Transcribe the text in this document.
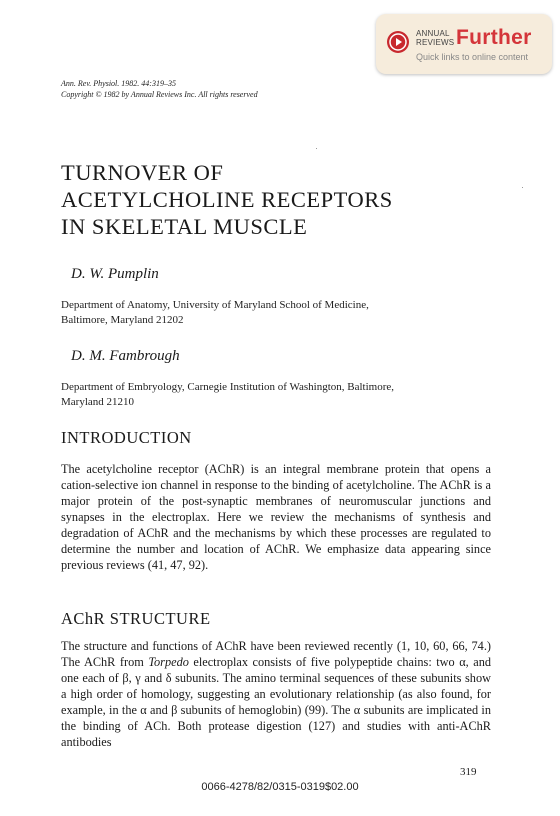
ANNUAL
REVIEWS Further
Quick links to online content
Ann. Rev. Physiol. 1982. 44:319–35
Copyright © 1982 by Annual Reviews Inc. All rights reserved
TURNOVER OF
ACETYLCHOLINE RECEPTORS
IN SKELETAL MUSCLE
D. W. Pumplin
Department of Anatomy, University of Maryland School of Medicine,
Baltimore, Maryland 21202
D. M. Fambrough
Department of Embryology, Carnegie Institution of Washington, Baltimore,
Maryland 21210
INTRODUCTION

The acetylcholine receptor (AChR) is an integral membrane protein that opens a cation-selective ion channel in response to the binding of acetylcholine. The AChR is a major protein of the post-synaptic membranes of neuromuscular junctions and synapses in the electroplax. Here we review the mechanisms of synthesis and degradation of AChR and the mechanisms by which these processes are regulated to determine the number and location of AChR. We emphasize data appearing since previous reviews (41, 47, 92).

AChR STRUCTURE

The structure and functions of AChR have been reviewed recently (1, 10, 60, 66, 74.) The AChR from Torpedo electroplax consists of five polypeptide chains: two α, and one each of β, γ and δ subunits. The amino terminal sequences of these subunits show a high order of homology, suggesting an evolutionary relationship (as also found, for example, in the α and β subunits of hemoglobin) (99). The α subunits are implicated in the binding of ACh. Both protease digestion (127) and studies with anti-AChR antibodies

319
0066-4278/82/0315-0319$02.00
